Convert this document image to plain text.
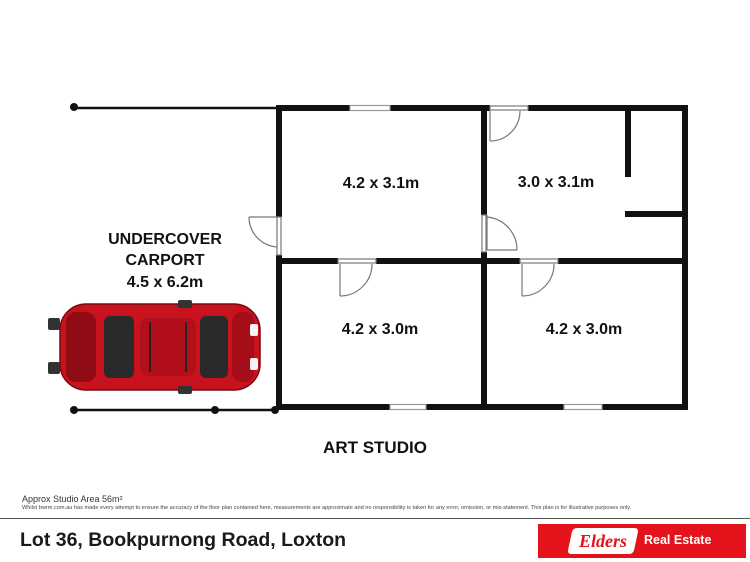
4.2 x 3.1m	3.0 x 3.1m
4.2 x 3.0m	4.2 x 3.0m
UNDERCOVER
CARPORT
4.5 x 6.2m
ART STUDIO
Approx Studio Area 56m²
Whilst bwrm.com.au has made every attempt to ensure the accuracy of the floor plan contained here, measurements are approximate and no responsibility is taken for any error, omission, or mis-statement. This plan is for illustrative purposes only.
Lot 36, Bookpurnong Road, Loxton	Elders	Real Estate
